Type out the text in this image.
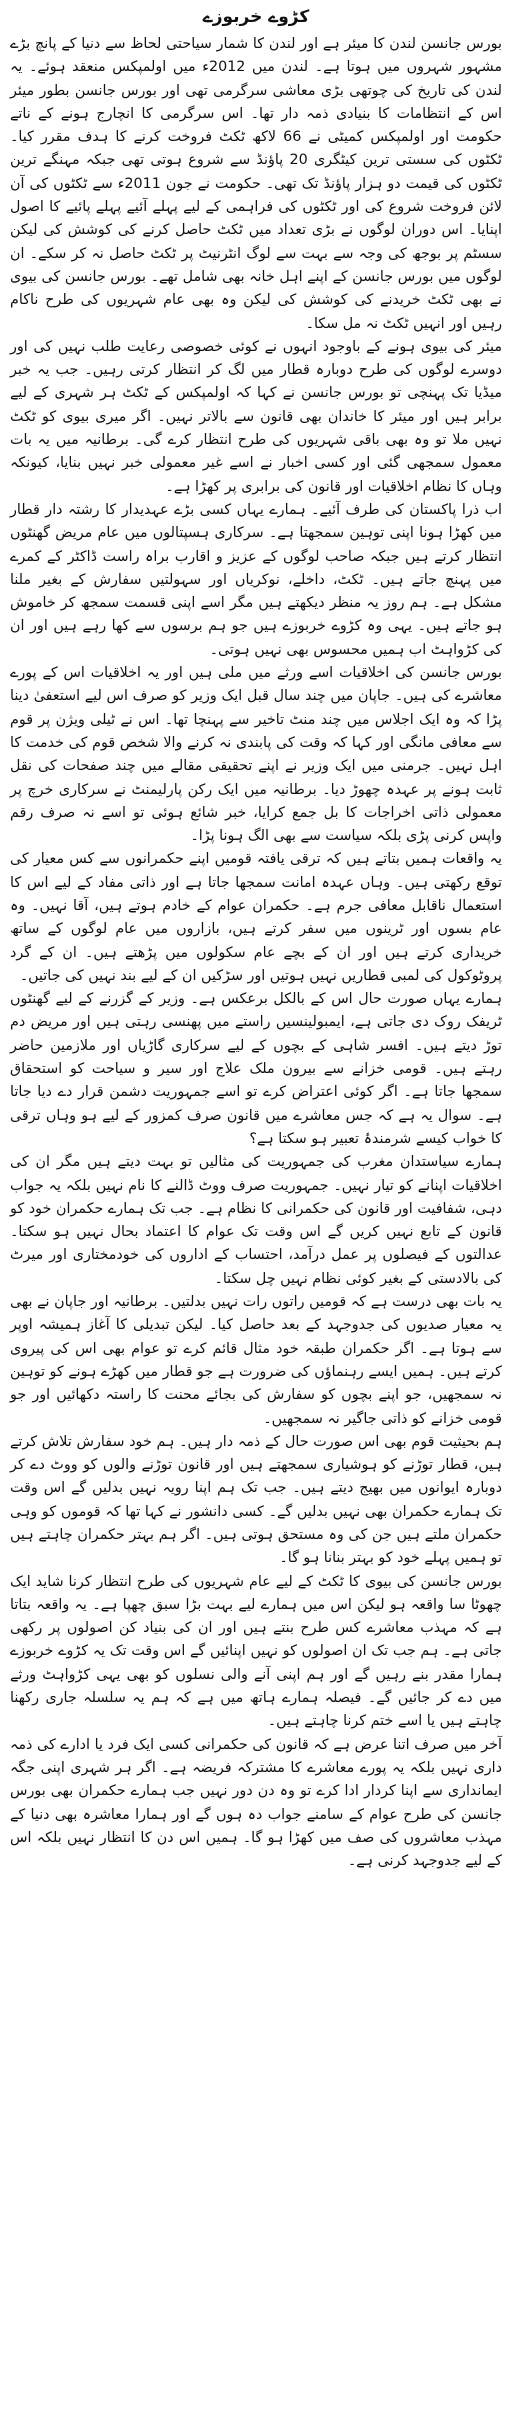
کڑوے خربوزے

بورس جانسن لندن کا میئر ہے اور لندن کا شمار سیاحتی لحاظ سے دنیا کے پانچ بڑے مشہور شہروں میں ہوتا ہے۔ لندن میں 2012ء میں اولمپکس منعقد ہوئے۔ یہ لندن کی تاریخ کی چوتھی بڑی معاشی سرگرمی تھی اور بورس جانسن بطور میئر اس کے انتظامات کا بنیادی ذمہ دار تھا۔ اس سرگرمی کا انچارج ہونے کے ناتے حکومت اور اولمپکس کمیٹی نے 66 لاکھ ٹکٹ فروخت کرنے کا ہدف مقرر کیا۔ ٹکٹوں کی سستی ترین کیٹگری 20 پاؤنڈ سے شروع ہوتی تھی جبکہ مہنگے ترین ٹکٹوں کی قیمت دو ہزار پاؤنڈ تک تھی۔ حکومت نے جون 2011ء سے ٹکٹوں کی آن لائن فروخت شروع کی اور ٹکٹوں کی فراہمی کے لیے پہلے آئیے پہلے پائیے کا اصول اپنایا۔ اس دوران لوگوں نے بڑی تعداد میں ٹکٹ حاصل کرنے کی کوشش کی لیکن سسٹم پر بوجھ کی وجہ سے بہت سے لوگ انٹرنیٹ پر ٹکٹ حاصل نہ کر سکے۔ ان لوگوں میں بورس جانسن کے اپنے اہل خانہ بھی شامل تھے۔ بورس جانسن کی بیوی نے بھی ٹکٹ خریدنے کی کوشش کی لیکن وہ بھی عام شہریوں کی طرح ناکام رہیں اور انہیں ٹکٹ نہ مل سکا۔

میئر کی بیوی ہونے کے باوجود انہوں نے کوئی خصوصی رعایت طلب نہیں کی اور دوسرے لوگوں کی طرح دوبارہ قطار میں لگ کر انتظار کرتی رہیں۔ جب یہ خبر میڈیا تک پہنچی تو بورس جانسن نے کہا کہ اولمپکس کے ٹکٹ ہر شہری کے لیے برابر ہیں اور میئر کا خاندان بھی قانون سے بالاتر نہیں۔ اگر میری بیوی کو ٹکٹ نہیں ملا تو وہ بھی باقی شہریوں کی طرح انتظار کرے گی۔ برطانیہ میں یہ بات معمول سمجھی گئی اور کسی اخبار نے اسے غیر معمولی خبر نہیں بنایا، کیونکہ وہاں کا نظام اخلاقیات اور قانون کی برابری پر کھڑا ہے۔

اب ذرا پاکستان کی طرف آئیے۔ ہمارے یہاں کسی بڑے عہدیدار کا رشتہ دار قطار میں کھڑا ہونا اپنی توہین سمجھتا ہے۔ سرکاری ہسپتالوں میں عام مریض گھنٹوں انتظار کرتے ہیں جبکہ صاحب لوگوں کے عزیز و اقارب براہ راست ڈاکٹر کے کمرے میں پہنچ جاتے ہیں۔ ٹکٹ، داخلے، نوکریاں اور سہولتیں سفارش کے بغیر ملنا مشکل ہے۔ ہم روز یہ منظر دیکھتے ہیں مگر اسے اپنی قسمت سمجھ کر خاموش ہو جاتے ہیں۔ یہی وہ کڑوے خربوزے ہیں جو ہم برسوں سے کھا رہے ہیں اور ان کی کڑواہٹ اب ہمیں محسوس بھی نہیں ہوتی۔

بورس جانسن کی اخلاقیات اسے ورثے میں ملی ہیں اور یہ اخلاقیات اس کے پورے معاشرے کی ہیں۔ جاپان میں چند سال قبل ایک وزیر کو صرف اس لیے استعفیٰ دینا پڑا کہ وہ ایک اجلاس میں چند منٹ تاخیر سے پہنچا تھا۔ اس نے ٹیلی ویژن پر قوم سے معافی مانگی اور کہا کہ وقت کی پابندی نہ کرنے والا شخص قوم کی خدمت کا اہل نہیں۔ جرمنی میں ایک وزیر نے اپنے تحقیقی مقالے میں چند صفحات کی نقل ثابت ہونے پر عہدہ چھوڑ دیا۔ برطانیہ میں ایک رکن پارلیمنٹ نے سرکاری خرچ پر معمولی ذاتی اخراجات کا بل جمع کرایا، خبر شائع ہوئی تو اسے نہ صرف رقم واپس کرنی پڑی بلکہ سیاست سے بھی الگ ہونا پڑا۔

یہ واقعات ہمیں بتاتے ہیں کہ ترقی یافتہ قومیں اپنے حکمرانوں سے کس معیار کی توقع رکھتی ہیں۔ وہاں عہدہ امانت سمجھا جاتا ہے اور ذاتی مفاد کے لیے اس کا استعمال ناقابل معافی جرم ہے۔ حکمران عوام کے خادم ہوتے ہیں، آقا نہیں۔ وہ عام بسوں اور ٹرینوں میں سفر کرتے ہیں، بازاروں میں عام لوگوں کے ساتھ خریداری کرتے ہیں اور ان کے بچے عام سکولوں میں پڑھتے ہیں۔ ان کے گرد پروٹوکول کی لمبی قطاریں نہیں ہوتیں اور سڑکیں ان کے لیے بند نہیں کی جاتیں۔

ہمارے یہاں صورت حال اس کے بالکل برعکس ہے۔ وزیر کے گزرنے کے لیے گھنٹوں ٹریفک روک دی جاتی ہے، ایمبولینسیں راستے میں پھنسی رہتی ہیں اور مریض دم توڑ دیتے ہیں۔ افسر شاہی کے بچوں کے لیے سرکاری گاڑیاں اور ملازمین حاضر رہتے ہیں۔ قومی خزانے سے بیرون ملک علاج اور سیر و سیاحت کو استحقاق سمجھا جاتا ہے۔ اگر کوئی اعتراض کرے تو اسے جمہوریت دشمن قرار دے دیا جاتا ہے۔ سوال یہ ہے کہ جس معاشرے میں قانون صرف کمزور کے لیے ہو وہاں ترقی کا خواب کیسے شرمندۂ تعبیر ہو سکتا ہے؟

ہمارے سیاستدان مغرب کی جمہوریت کی مثالیں تو بہت دیتے ہیں مگر ان کی اخلاقیات اپنانے کو تیار نہیں۔ جمہوریت صرف ووٹ ڈالنے کا نام نہیں بلکہ یہ جواب دہی، شفافیت اور قانون کی حکمرانی کا نظام ہے۔ جب تک ہمارے حکمران خود کو قانون کے تابع نہیں کریں گے اس وقت تک عوام کا اعتماد بحال نہیں ہو سکتا۔ عدالتوں کے فیصلوں پر عمل درآمد، احتساب کے اداروں کی خودمختاری اور میرٹ کی بالادستی کے بغیر کوئی نظام نہیں چل سکتا۔

یہ بات بھی درست ہے کہ قومیں راتوں رات نہیں بدلتیں۔ برطانیہ اور جاپان نے بھی یہ معیار صدیوں کی جدوجہد کے بعد حاصل کیا۔ لیکن تبدیلی کا آغاز ہمیشہ اوپر سے ہوتا ہے۔ اگر حکمران طبقہ خود مثال قائم کرے تو عوام بھی اس کی پیروی کرتے ہیں۔ ہمیں ایسے رہنماؤں کی ضرورت ہے جو قطار میں کھڑے ہونے کو توہین نہ سمجھیں، جو اپنے بچوں کو سفارش کی بجائے محنت کا راستہ دکھائیں اور جو قومی خزانے کو ذاتی جاگیر نہ سمجھیں۔

ہم بحیثیت قوم بھی اس صورت حال کے ذمہ دار ہیں۔ ہم خود سفارش تلاش کرتے ہیں، قطار توڑنے کو ہوشیاری سمجھتے ہیں اور قانون توڑنے والوں کو ووٹ دے کر دوبارہ ایوانوں میں بھیج دیتے ہیں۔ جب تک ہم اپنا رویہ نہیں بدلیں گے اس وقت تک ہمارے حکمران بھی نہیں بدلیں گے۔ کسی دانشور نے کہا تھا کہ قوموں کو وہی حکمران ملتے ہیں جن کی وہ مستحق ہوتی ہیں۔ اگر ہم بہتر حکمران چاہتے ہیں تو ہمیں پہلے خود کو بہتر بنانا ہو گا۔

بورس جانسن کی بیوی کا ٹکٹ کے لیے عام شہریوں کی طرح انتظار کرنا شاید ایک چھوٹا سا واقعہ ہو لیکن اس میں ہمارے لیے بہت بڑا سبق چھپا ہے۔ یہ واقعہ بتاتا ہے کہ مہذب معاشرے کس طرح بنتے ہیں اور ان کی بنیاد کن اصولوں پر رکھی جاتی ہے۔ ہم جب تک ان اصولوں کو نہیں اپنائیں گے اس وقت تک یہ کڑوے خربوزے ہمارا مقدر بنے رہیں گے اور ہم اپنی آنے والی نسلوں کو بھی یہی کڑواہٹ ورثے میں دے کر جائیں گے۔ فیصلہ ہمارے ہاتھ میں ہے کہ ہم یہ سلسلہ جاری رکھنا چاہتے ہیں یا اسے ختم کرنا چاہتے ہیں۔

آخر میں صرف اتنا عرض ہے کہ قانون کی حکمرانی کسی ایک فرد یا ادارے کی ذمہ داری نہیں بلکہ یہ پورے معاشرے کا مشترکہ فریضہ ہے۔ اگر ہر شہری اپنی جگہ ایمانداری سے اپنا کردار ادا کرے تو وہ دن دور نہیں جب ہمارے حکمران بھی بورس جانسن کی طرح عوام کے سامنے جواب دہ ہوں گے اور ہمارا معاشرہ بھی دنیا کے مہذب معاشروں کی صف میں کھڑا ہو گا۔ ہمیں اس دن کا انتظار نہیں بلکہ اس کے لیے جدوجہد کرنی ہے۔
